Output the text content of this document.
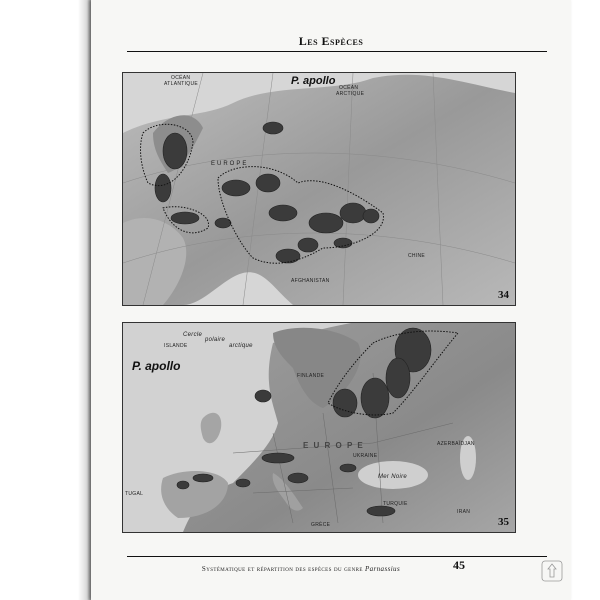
Les Espèces
P. apollo
OCÉAN
ATLANTIQUE
OCÉAN
ARCTIQUE
EUROPE
CHINE
AFGHANISTAN
34
P. apollo
ISLANDE
Cercle
polaire
arctique
FINLANDE
E U R O P E
UKRAINE
Mer Noire
TURQUIE
GRÈCE
TUGAL
IRAN
AZERBAÏDJAN
35
Systématique et répartition des espèces du genre Parnassius	45
